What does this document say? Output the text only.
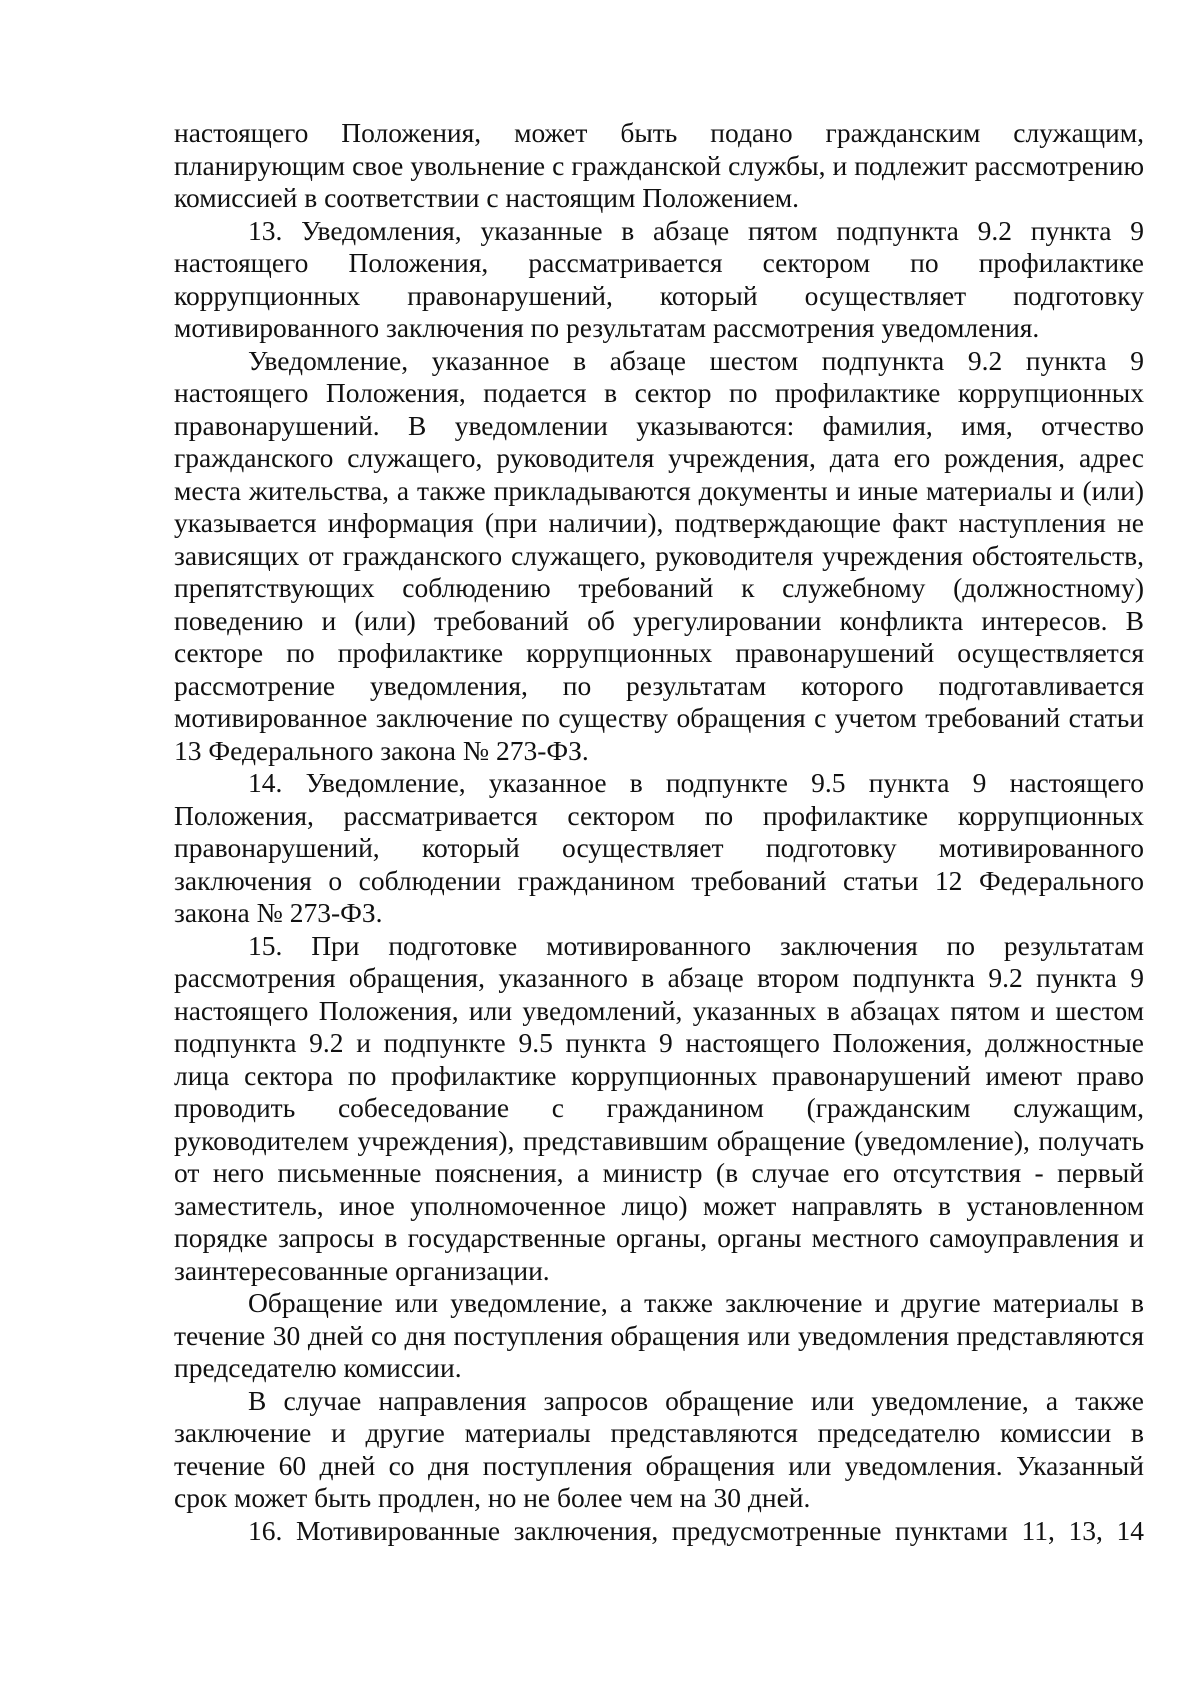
настоящего Положения, может быть подано гражданским служащим, планирующим свое увольнение с гражданской службы, и подлежит рассмотрению комиссией в соответствии с настоящим Положением.

13. Уведомления, указанные в абзаце пятом подпункта 9.2 пункта 9 настоящего Положения, рассматривается сектором по профилактике коррупционных правонарушений, который осуществляет подготовку мотивированного заключения по результатам рассмотрения уведомления.

Уведомление, указанное в абзаце шестом подпункта 9.2 пункта 9 настоящего Положения, подается в сектор по профилактике коррупционных правонарушений. В уведомлении указываются: фамилия, имя, отчество гражданского служащего, руководителя учреждения, дата его рождения, адрес места жительства, а также прикладываются документы и иные материалы и (или) указывается информация (при наличии), подтверждающие факт наступления не зависящих от гражданского служащего, руководителя учреждения обстоятельств, препятствующих соблюдению требований к служебному (должностному) поведению и (или) требований об урегулировании конфликта интересов. В секторе по профилактике коррупционных правонарушений осуществляется рассмотрение уведомления, по результатам которого подготавливается мотивированное заключение по существу обращения с учетом требований статьи 13 Федерального закона № 273-ФЗ.

14. Уведомление, указанное в подпункте 9.5 пункта 9 настоящего Положения, рассматривается сектором по профилактике коррупционных правонарушений, который осуществляет подготовку мотивированного заключения о соблюдении гражданином требований статьи 12 Федерального закона № 273-ФЗ.

15. При подготовке мотивированного заключения по результатам рассмотрения обращения, указанного в абзаце втором подпункта 9.2 пункта 9 настоящего Положения, или уведомлений, указанных в абзацах пятом и шестом подпункта 9.2 и подпункте 9.5 пункта 9 настоящего Положения, должностные лица сектора по профилактике коррупционных правонарушений имеют право проводить собеседование с гражданином (гражданским служащим, руководителем учреждения), представившим обращение (уведомление), получать от него письменные пояснения, а министр (в случае его отсутствия - первый заместитель, иное уполномоченное лицо) может направлять в установленном порядке запросы в государственные органы, органы местного самоуправления и заинтересованные организации.

Обращение или уведомление, а также заключение и другие материалы в течение 30 дней со дня поступления обращения или уведомления представляются председателю комиссии.

В случае направления запросов обращение или уведомление, а также заключение и другие материалы представляются председателю комиссии в течение 60 дней со дня поступления обращения или уведомления. Указанный срок может быть продлен, но не более чем на 30 дней.

16. Мотивированные заключения, предусмотренные пунктами 11, 13, 14
